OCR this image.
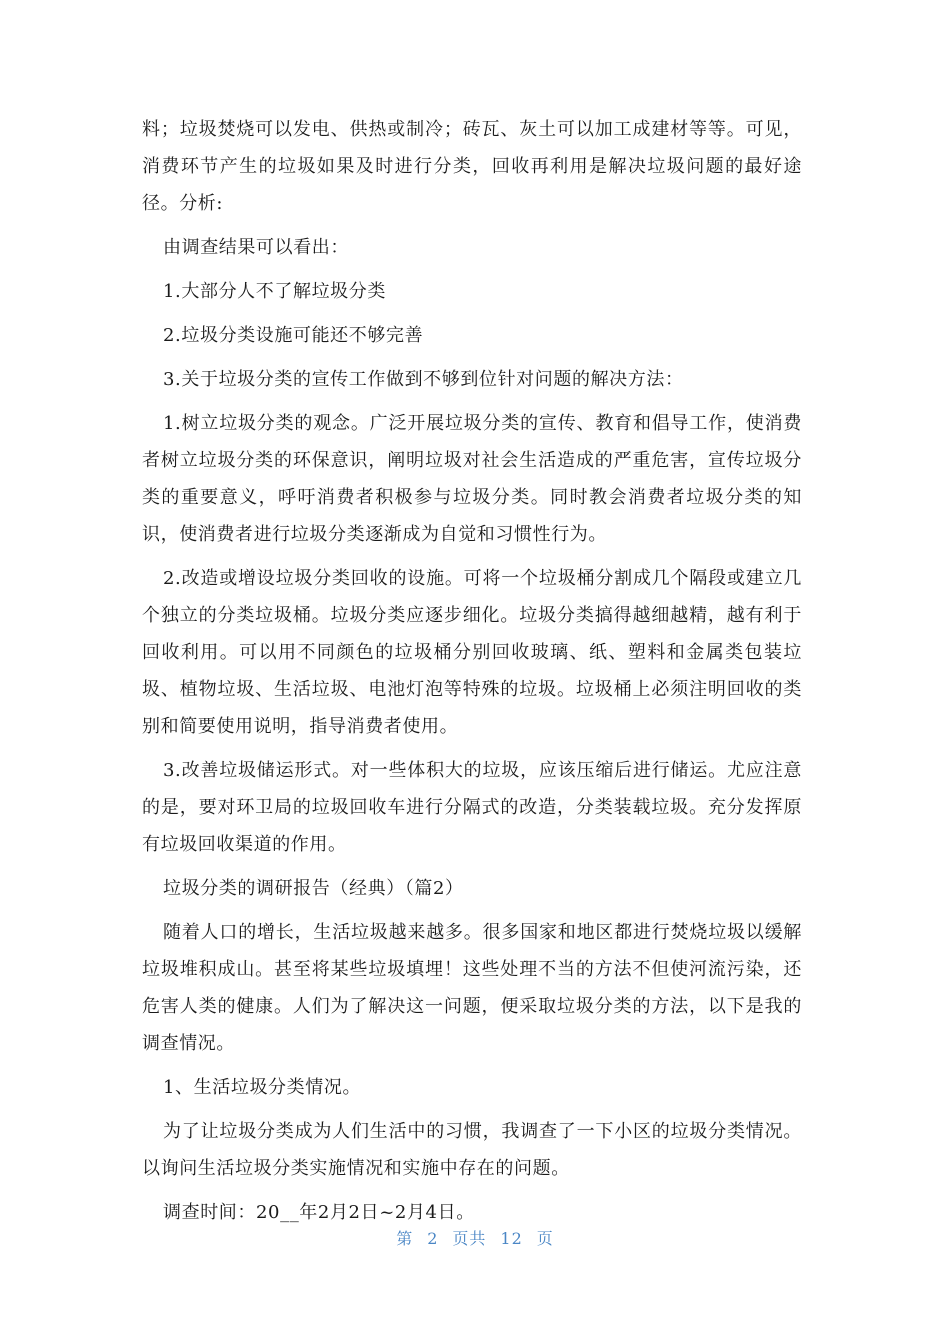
料；垃圾焚烧可以发电、供热或制冷；砖瓦、灰土可以加工成建材等等。可见，消费环节产生的垃圾如果及时进行分类，回收再利用是解决垃圾问题的最好途径。分析:

由调查结果可以看出：

1.大部分人不了解垃圾分类

2.垃圾分类设施可能还不够完善

3.关于垃圾分类的宣传工作做到不够到位针对问题的解决方法：

1.树立垃圾分类的观念。广泛开展垃圾分类的宣传、教育和倡导工作，使消费者树立垃圾分类的环保意识，阐明垃圾对社会生活造成的严重危害，宣传垃圾分类的重要意义，呼吁消费者积极参与垃圾分类。同时教会消费者垃圾分类的知识，使消费者进行垃圾分类逐渐成为自觉和习惯性行为。

2.改造或增设垃圾分类回收的设施。可将一个垃圾桶分割成几个隔段或建立几个独立的分类垃圾桶。垃圾分类应逐步细化。垃圾分类搞得越细越精，越有利于回收利用。可以用不同颜色的垃圾桶分别回收玻璃、纸、塑料和金属类包装垃圾、植物垃圾、生活垃圾、电池灯泡等特殊的垃圾。垃圾桶上必须注明回收的类别和简要使用说明，指导消费者使用。

3.改善垃圾储运形式。对一些体积大的垃圾，应该压缩后进行储运。尤应注意的是，要对环卫局的垃圾回收车进行分隔式的改造，分类装载垃圾。充分发挥原有垃圾回收渠道的作用。

垃圾分类的调研报告（经典）（篇2）

随着人口的增长，生活垃圾越来越多。很多国家和地区都进行焚烧垃圾以缓解垃圾堆积成山。甚至将某些垃圾填埋！这些处理不当的方法不但使河流污染，还危害人类的健康。人们为了解决这一问题，便采取垃圾分类的方法，以下是我的调查情况。

1、生活垃圾分类情况。

为了让垃圾分类成为人们生活中的习惯，我调查了一下小区的垃圾分类情况。以询问生活垃圾分类实施情况和实施中存在的问题。

调查时间：20__年2月2日~2月4日。

第 2 页共 12 页
